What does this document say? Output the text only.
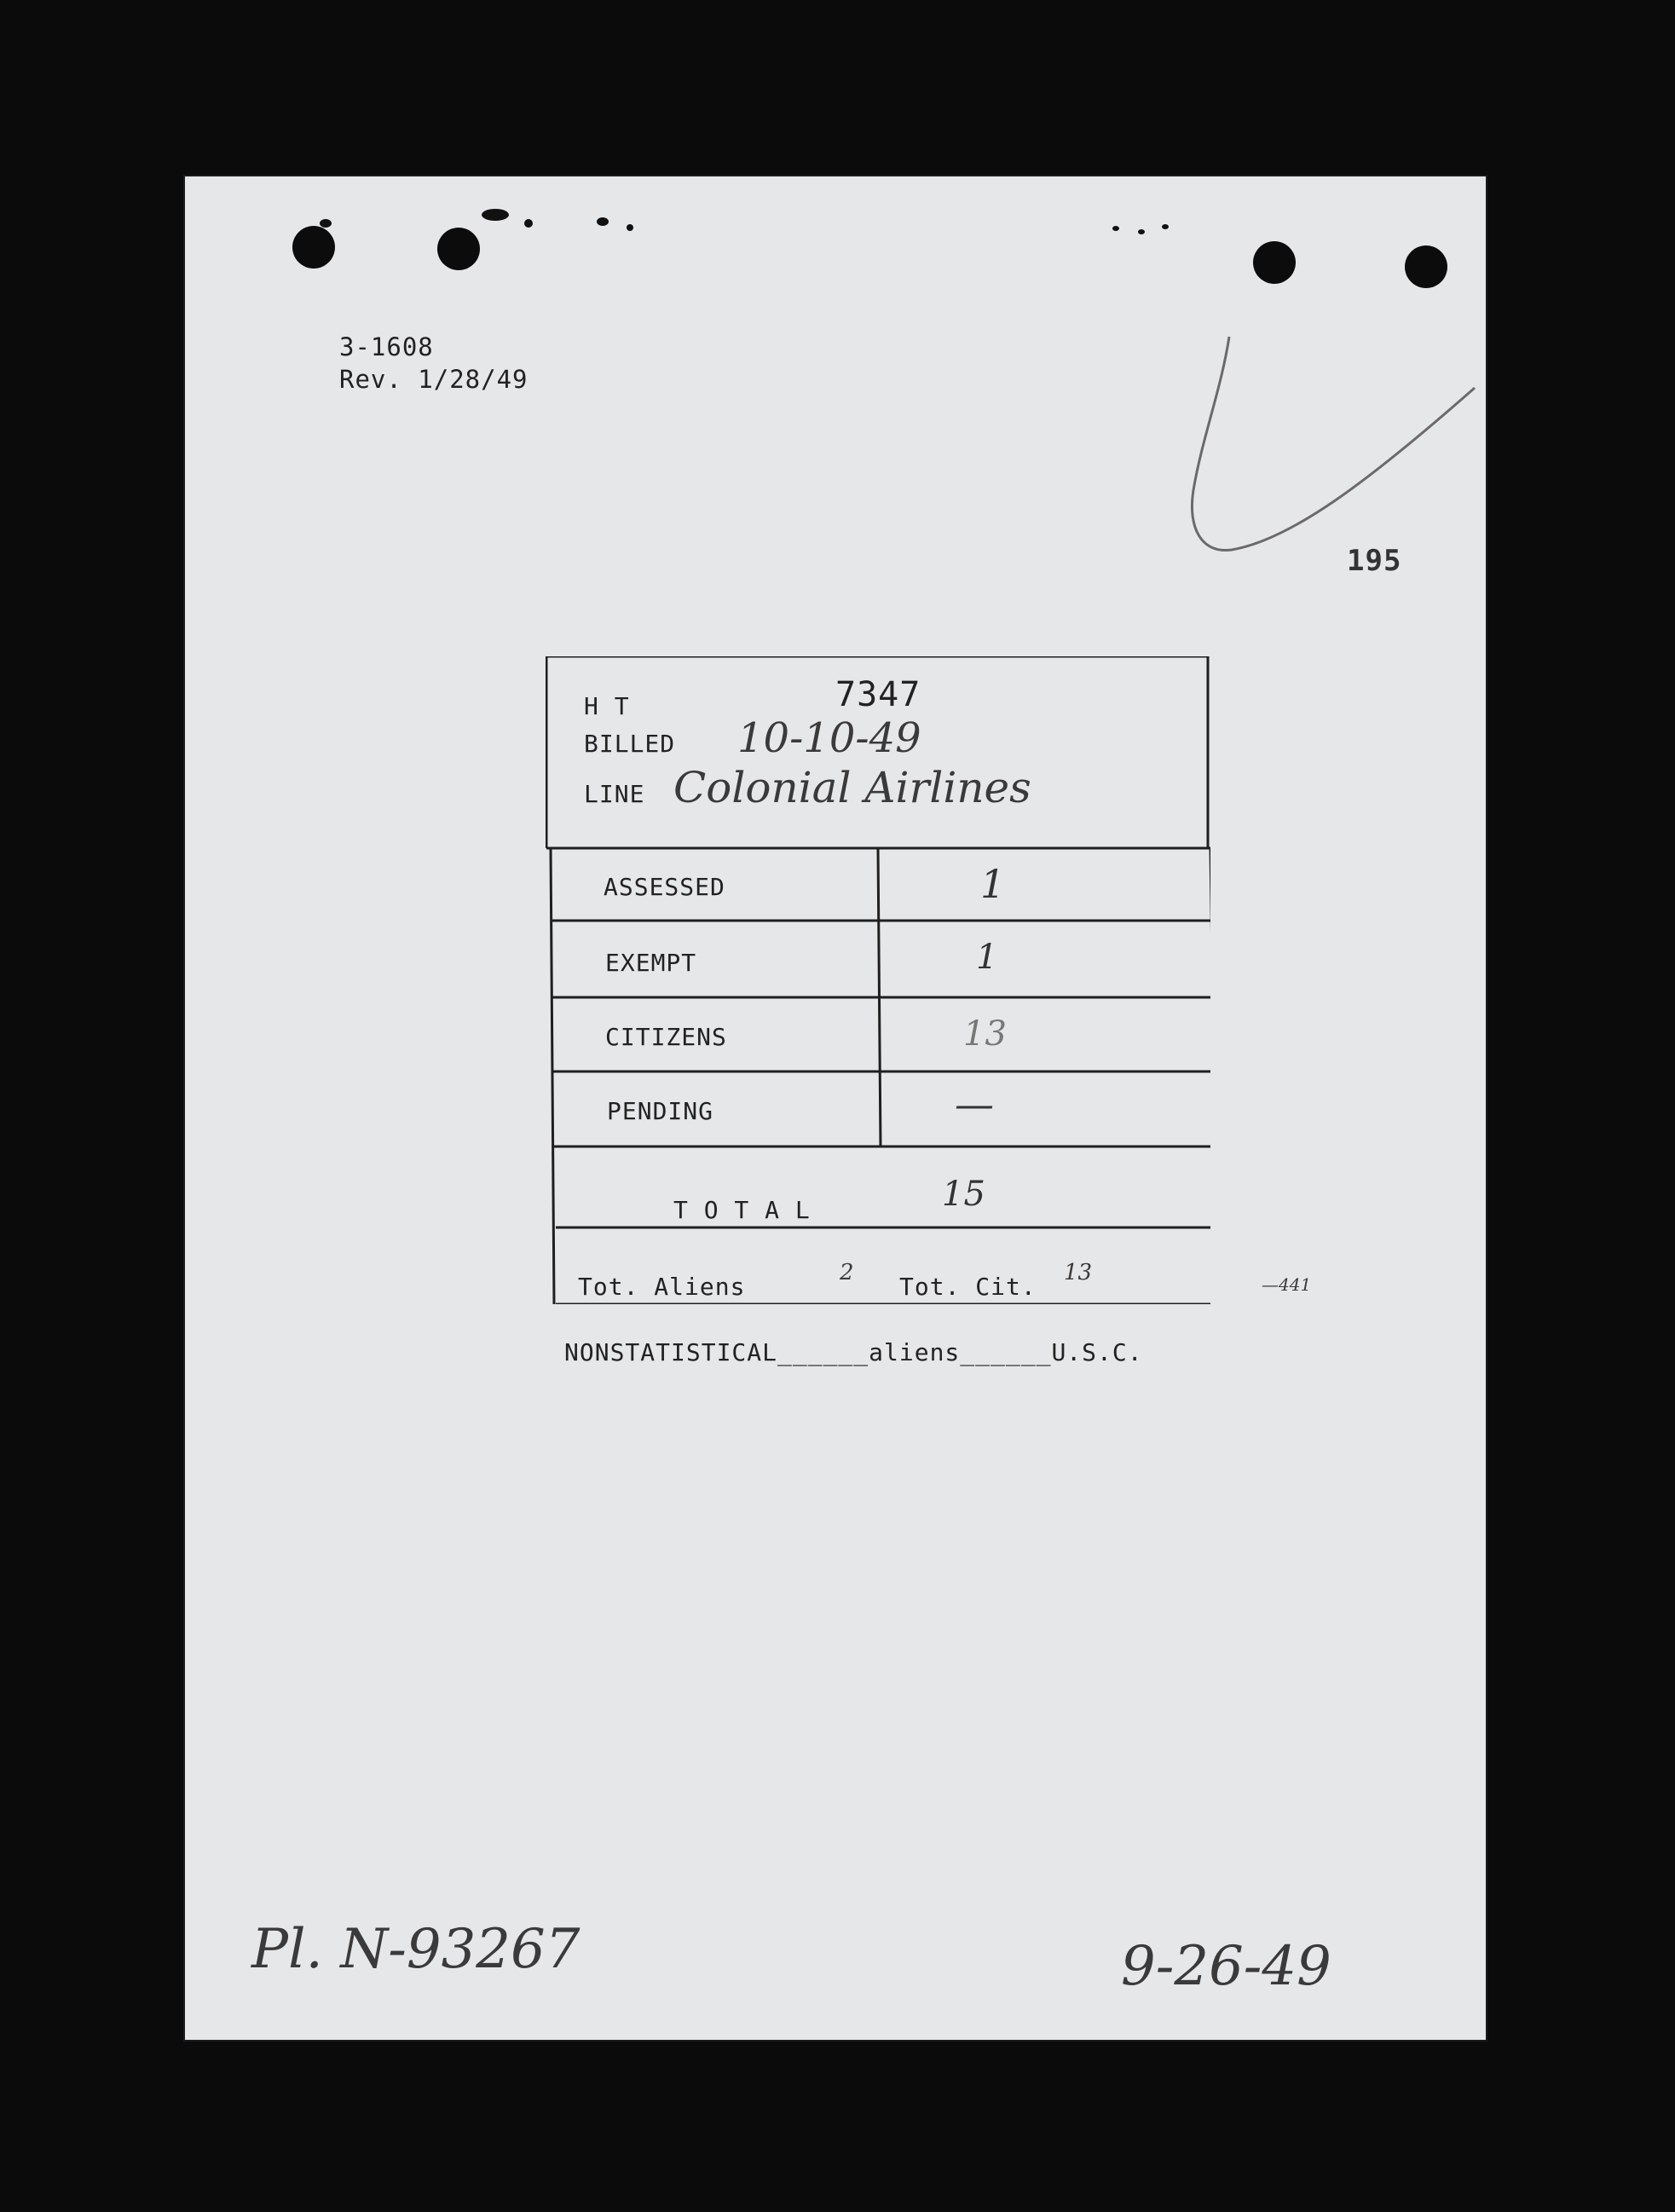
3-1608
Rev. 1/28/49
195
—441
NONSTATISTICAL______aliens______U.S.C.
Pl. N-93267	9-26-49
H T	7347
BILLED 10-10-49
LINE Colonial Airlines
ASSESSED	1
EXEMPT	1
CITIZENS	13
PENDING	—
T O T A L	15
Tot. Aliens	2 Tot. Cit. 13
